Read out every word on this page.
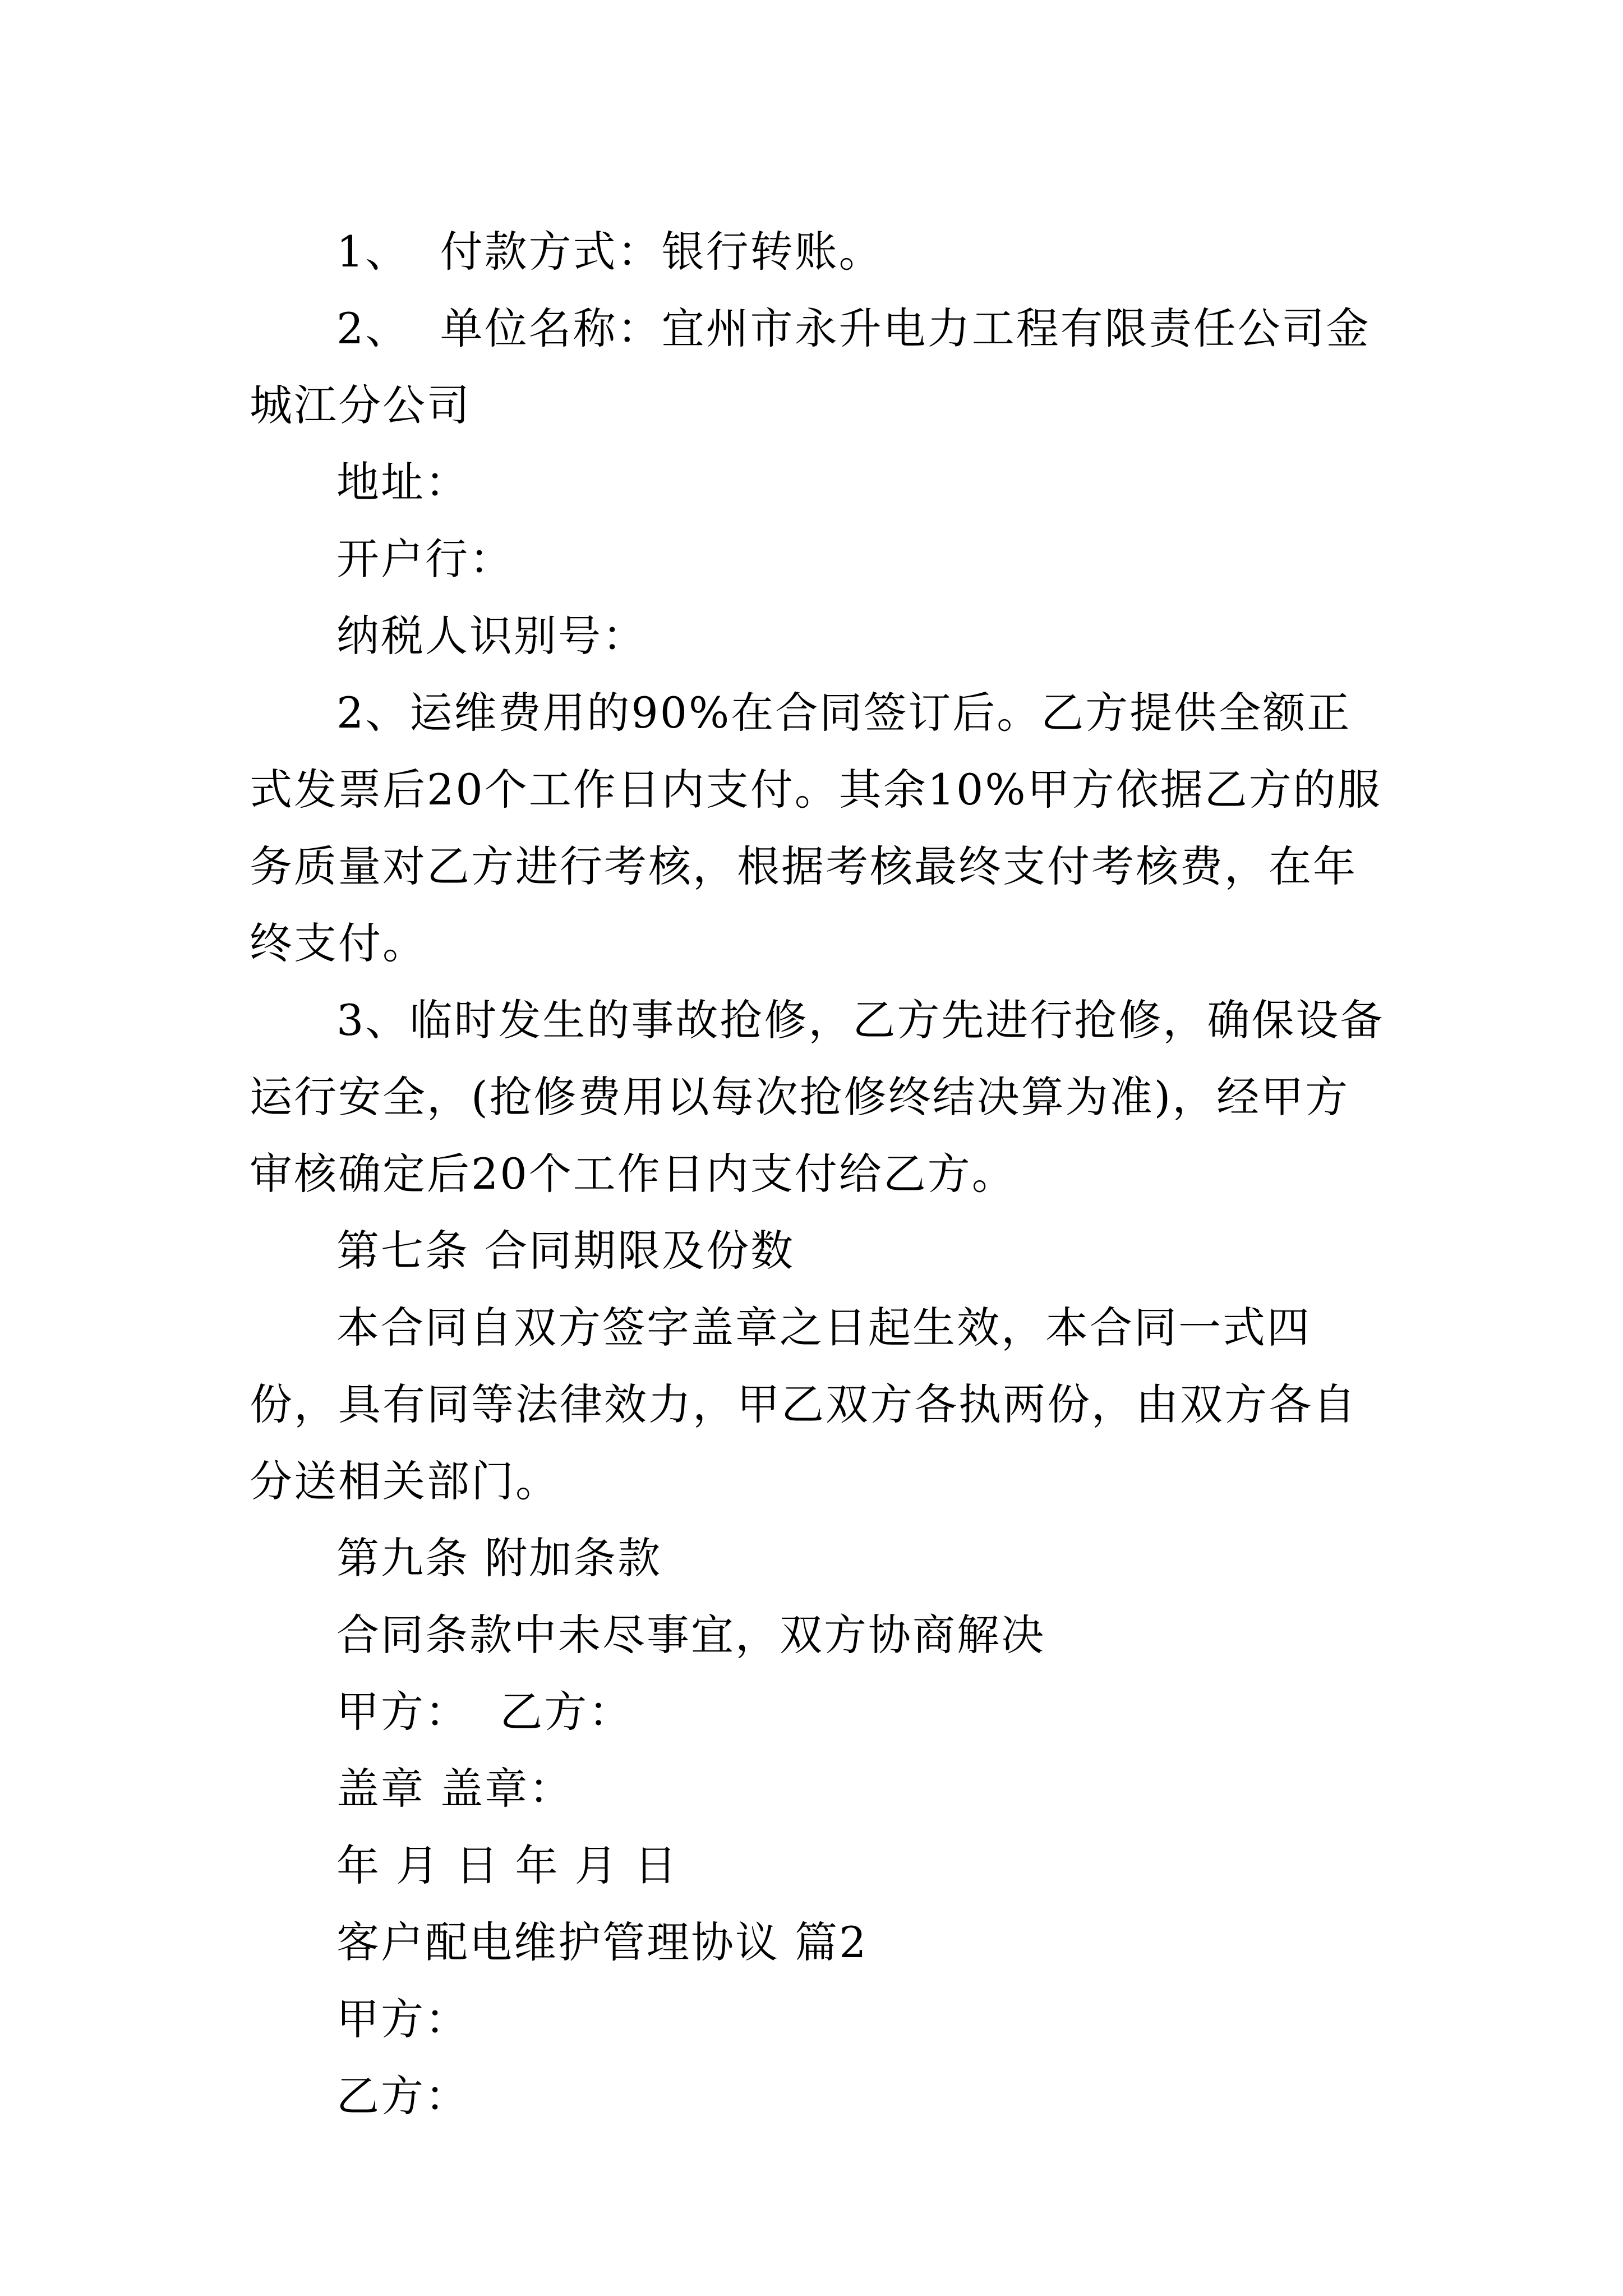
1、  付款方式：银行转账。

2、  单位名称：宜州市永升电力工程有限责任公司金城江分公司

地址：

开户行：

纳税人识别号：

2、运维费用的90%在合同签订后。乙方提供全额正式发票后20个工作日内支付。其余10%甲方依据乙方的服务质量对乙方进行考核，根据考核最终支付考核费，在年终支付。

3、临时发生的事故抢修，乙方先进行抢修，确保设备运行安全，(抢修费用以每次抢修终结决算为准)，经甲方审核确定后20个工作日内支付给乙方。

第七条 合同期限及份数

本合同自双方签字盖章之日起生效，本合同一式四份，具有同等法律效力，甲乙双方各执两份，由双方各自分送相关部门。

第九条 附加条款

合同条款中未尽事宜，双方协商解决

甲方：  乙方：

盖章 盖章：

年 月 日 年 月 日

客户配电维护管理协议 篇2

甲方：

乙方：
